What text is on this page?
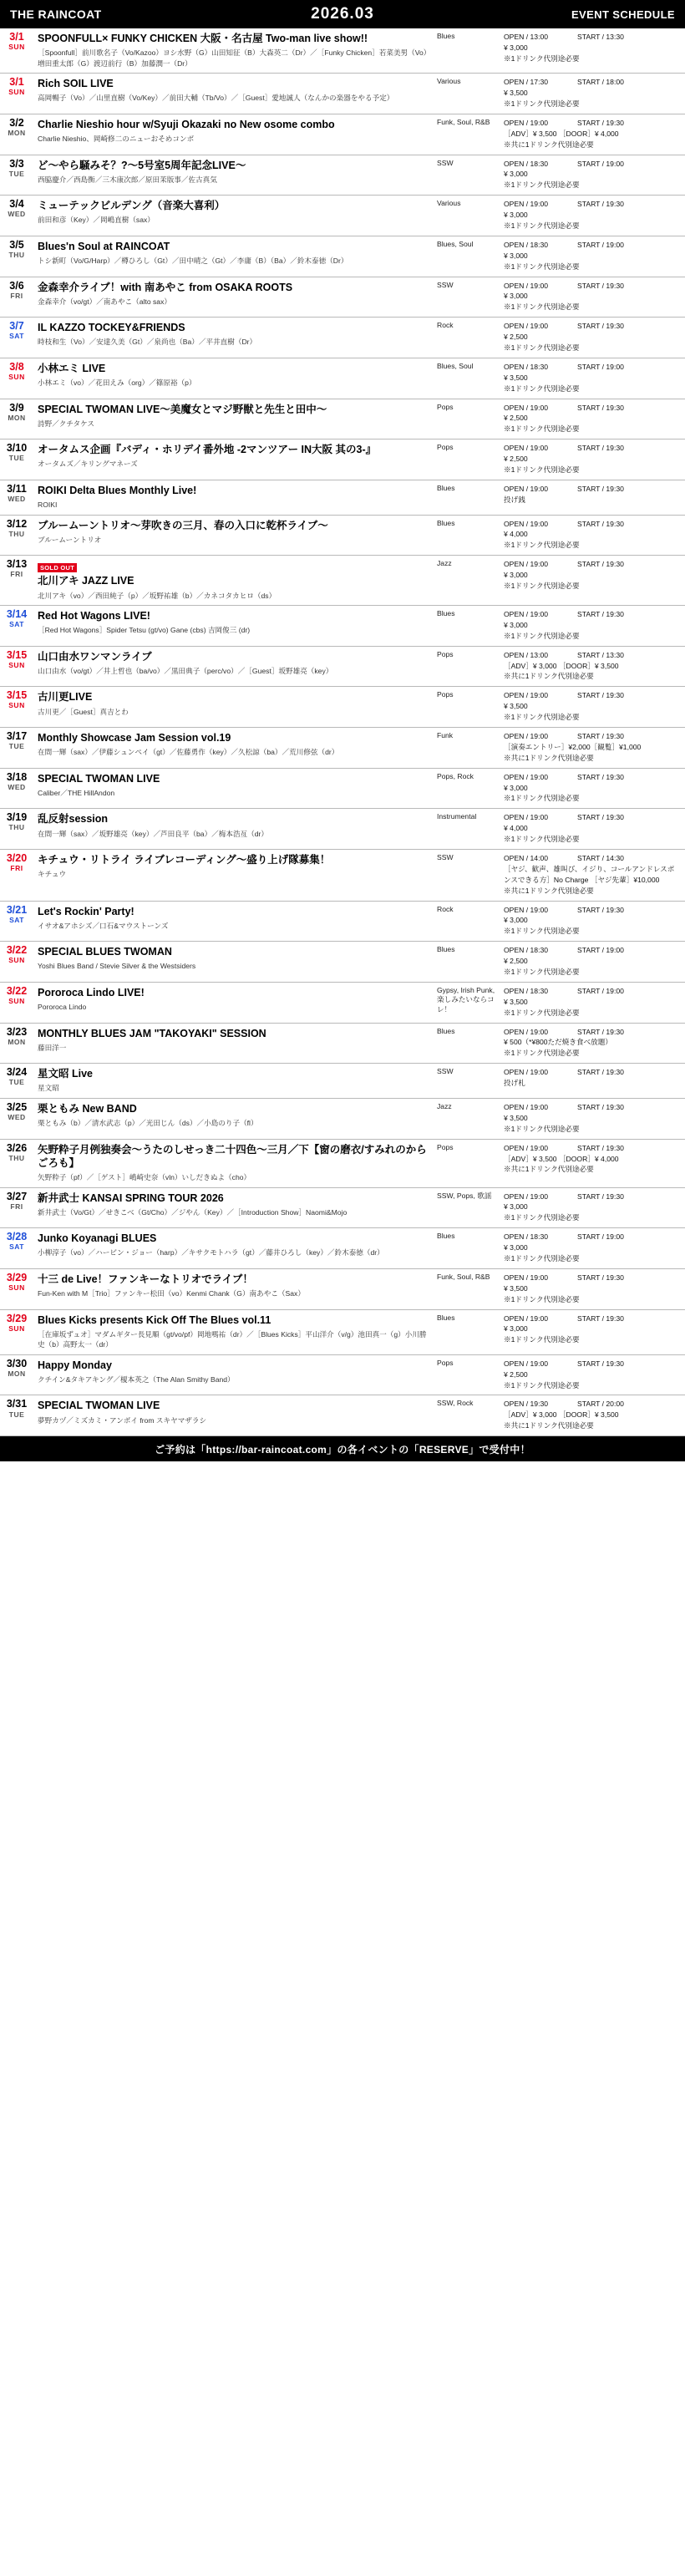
THE RAINCOAT	2026.03	EVENT SCHEDULE
3/1
SUN

SPOONFULL× FUNKY CHICKEN 大阪・名古屋 Two-man live show!!
［Spoonfull］前川歌名子（Vo/Kazoo）ヨシ水野（G）山田知征（B）大森英二（Dr）／［Funky Chicken］若菜美男（Vo）増田重太郎（G）渡辺前行（B）加藤潤一（Dr）
	Blues	OPEN / 13:00	START / 13:30
¥ 3,000
※1ドリンク代別途必要

3/1
SUN

Rich SOIL LIVE
高岡暢子（Vo）／山里直樹（Vo/Key）／前田大輔（Tb/Vo）／［Guest］愛地誠人（なんかの楽器をやる予定）
	Various	OPEN / 17:30	START / 18:00
¥ 3,500
※1ドリンク代別途必要

3/2
MON

Charlie Nieshio hour w/Syuji Okazaki no New osome combo
Charlie Nieshio、岡崎修二のニューおそめコンボ
	Funk, Soul, R&B	OPEN / 19:00	START / 19:30
［ADV］¥ 3,500 ［DOOR］¥ 4,000
※共に1ドリンク代別途必要

3/3
TUE

ど～やら騒みそ？?～5号室5周年記念LIVE～
西脇慶介／西島衡／三木康次郎／原田茉版事／佐古真気
	SSW	OPEN / 18:30	START / 19:00
¥ 3,000
※1ドリンク代別途必要

3/4
WED

ミューテックビルデング（音楽大喜利）
前田和彦（Key）／岡嶋直樹（sax）
	Various	OPEN / 19:00	START / 19:30
¥ 3,000
※1ドリンク代別途必要

3/5
THU

Blues'n Soul at RAINCOAT
トシ新町（Vo/G/Harp）／樽ひろし（Gt）／田中晴之（Gt）／李庸（B）（Ba）／鈴木泰徳（Dr）
	Blues, Soul	OPEN / 18:30	START / 19:00
¥ 3,000
※1ドリンク代別途必要

3/6
FRI

金森幸介ライブ！with 南あやこ from OSAKA ROOTS
金森幸介（vo/gt）／南あやこ（alto sax）
	SSW	OPEN / 19:00	START / 19:30
¥ 3,000
※1ドリンク代別途必要

3/7
SAT

IL KAZZO TOCKEY&FRIENDS
時枝和生（Vo）／安達久美（Gt）／泉尚也（Ba）／平井直樹（Dr）
	Rock	OPEN / 19:00	START / 19:30
¥ 2,500
※1ドリンク代別途必要

3/8
SUN

小林エミ LIVE
小林エミ（vo）／花田えみ（org）／篠原裕（p）
	Blues, Soul	OPEN / 18:30	START / 19:00
¥ 3,500
※1ドリンク代別途必要

3/9
MON

SPECIAL TWOMAN LIVE～美魔女とマジ野獣と先生と田中～
詩野／クチタケス
	Pops	OPEN / 19:00	START / 19:30
¥ 2,500
※1ドリンク代別途必要

3/10
TUE

オータムス企画『バディ・ホリデイ番外地 -2マンツアー IN大阪 其の3-』
オータムズ／キリングマネーズ
	Pops	OPEN / 19:00	START / 19:30
¥ 2,500
※1ドリンク代別途必要

3/11
WED

ROIKI Delta Blues Monthly Live!
ROIKI
	Blues	OPEN / 19:00	START / 19:30
投げ銭

3/12
THU

ブルームーントリオ～芽吹きの三月、春の入口に乾杯ライブ～
ブルームーントリオ
	Blues	OPEN / 19:00	START / 19:30
¥ 4,000
※1ドリンク代別途必要

3/13
FRI

SOLD OUT
北川アキ JAZZ LIVE
北川アキ（vo）／西田純子（p）／坂野祐雄（b）／カネコタカヒロ（ds）
	Jazz	OPEN / 19:00	START / 19:30
¥ 3,000
※1ドリンク代別途必要

3/14
SAT

Red Hot Wagons LIVE!
［Red Hot Wagons］Spider Tetsu (gt/vo) Gane (cbs) 吉岡俊三 (dr)
	Blues	OPEN / 19:00	START / 19:30
¥ 3,000
※1ドリンク代別途必要

3/15
SUN

山口由水ワンマンライブ
山口由水（vo/gt）／井上哲也（ba/vo）／黒田典子（perc/vo）／［Guest］坂野雄亮（key）
	Pops	OPEN / 13:00	START / 13:30
［ADV］¥ 3,000 ［DOOR］¥ 3,500
※共に1ドリンク代別途必要

3/15
SUN

古川更LIVE
古川更／［Guest］真吉とわ
	Pops	OPEN / 19:00	START / 19:30
¥ 3,500
※1ドリンク代別途必要

3/17
TUE

Monthly Showcase Jam Session vol.19
在間一輝（sax）／伊藤シュンペイ（gt）／佐藤勇作（key）／久松諒（ba）／荒川修弦（dr）
	Funk	OPEN / 19:00	START / 19:30
［演奏エントリー］¥2,000［観覧］¥1,000
※共に1ドリンク代別途必要

3/18
WED

SPECIAL TWOMAN LIVE
Caliber／THE HillAndon
	Pops, Rock	OPEN / 19:00	START / 19:30
¥ 3,000
※1ドリンク代別途必要

3/19
THU

乱反射session
在間一輝（sax）／坂野雄亮（key）／芦田良平（ba）／梅本浩亙（dr）
	Instrumental	OPEN / 19:00	START / 19:30
¥ 4,000
※1ドリンク代別途必要

3/20
FRI

キチュウ・リトライ ライブレコーディング～盛り上げ隊募集！
キチュウ
	SSW	OPEN / 14:00	START / 14:30
［ヤジ、歓声、雄叫び、イジり、コールアンドレスポンスできる方］No Charge ［ヤジ先輩］¥10,000
※共に1ドリンク代別途必要

3/21
SAT

Let's Rockin' Party!
イサオ&アホシズ／口石&マウストーンズ
	Rock	OPEN / 19:00	START / 19:30
¥ 3,000
※1ドリンク代別途必要

3/22
SUN

SPECIAL BLUES TWOMAN
Yoshi Blues Band / Stevie Silver & the Westsiders
	Blues	OPEN / 18:30	START / 19:00
¥ 2,500
※1ドリンク代別途必要

3/22
SUN

Pororoca Lindo LIVE!
Pororoca Lindo
	Gypsy, Irish Punk, 楽しみたいならコレ！	
OPEN / 18:30	START / 19:00
¥ 3,500
※1ドリンク代別途必要

3/23
MON

MONTHLY BLUES JAM "TAKOYAKI" SESSION
藤田洋一
	Blues	OPEN / 19:00	START / 19:30
¥ 500（*¥800ただ焼き食べ放題）
※1ドリンク代別途必要

3/24
TUE

星文昭 Live
星文昭
	SSW	OPEN / 19:00	START / 19:30
投げ札

3/25
WED

栗ともみ New BAND
栗ともみ（b）／清水武志（p）／光田じん（ds）／小島のり子（fl）
	Jazz	OPEN / 19:00	START / 19:30
¥ 3,500
※1ドリンク代別途必要

3/26
THU

矢野粋子月例独奏会～うたのしせっき二十四色～三月／下【窗の磨衣/すみれのからごろも】
矢野粋子（pf）／［ゲスト］嶋崎史奈（vln）いしだきぬよ（cho）
	Pops	OPEN / 19:00	START / 19:30
［ADV］¥ 3,500 ［DOOR］¥ 4,000
※共に1ドリンク代別途必要

3/27
FRI

新井武士 KANSAI SPRING TOUR 2026
新井武士（Vo/Gt）／せきこべ（Gt/Cho）／ジやん（Key）／［Introduction Show］Naomi&Mojo
	SSW, Pops, 歌謡	OPEN / 19:00	START / 19:30
¥ 3,000
※1ドリンク代別途必要

3/28
SAT

Junko Koyanagi BLUES
小柳淳子（vo）／ハービン・ジョー（harp）／キサクモトハラ（gt）／藤井ひろし（key）／鈴木泰徳（dr）
	Blues	OPEN / 18:30	START / 19:00
¥ 3,000
※1ドリンク代別途必要

3/29
SUN

十三 de Live！ファンキーなトリオでライブ！
Fun-Ken with M［Trio］ファンキー松田（vo）Kenmi Chank（G）南あやこ（Sax）
	Funk, Soul, R&B	OPEN / 19:00	START / 19:30
¥ 3,500
※1ドリンク代別途必要

3/29
SUN

Blues Kicks presents Kick Off The Blues vol.11
［在庫坂ずュオ］マダムギター長見順（gt/vo/pf）岡地嗎祐（dr）／［Blues Kicks］平山洋介（v/g）池田真一（g）小川勝史（b）高野太一（dr）
	Blues	OPEN / 19:00	START / 19:30
¥ 3,000
※1ドリンク代別途必要

3/30
MON

Happy Monday
クチイン&タキアキング／榎本英之（The Alan Smithy Band）
	Pops	OPEN / 19:00	START / 19:30
¥ 2,500
※1ドリンク代別途必要

3/31
TUE

SPECIAL TWOMAN LIVE
夢野カヅ／ミズカミ・アンボイ from スキヤマザラシ
	SSW, Rock	OPEN / 19:30	START / 20:00
［ADV］¥ 3,000 ［DOOR］¥ 3,500
※共に1ドリンク代別途必要
ご予約は「https://bar-raincoat.com」の各イベントの「RESERVE」で受付中！
